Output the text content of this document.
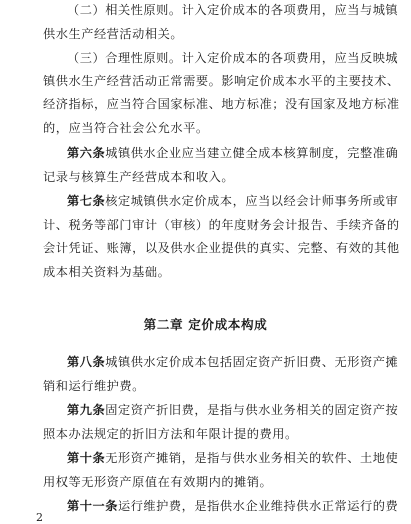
（二）相关性原则。计入定价成本的各项费用，应当与城镇
供水生产经营活动相关。
（三）合理性原则。计入定价成本的各项费用，应当反映城
镇供水生产经营活动正常需要。影响定价成本水平的主要技术、
经济指标，应当符合国家标准、地方标准；没有国家及地方标准
的，应当符合社会公允水平。
第六条城镇供水企业应当建立健全成本核算制度，完整准确
记录与核算生产经营成本和收入。
第七条核定城镇供水定价成本，应当以经会计师事务所或审
计、税务等部门审计（审核）的年度财务会计报告、手续齐备的
会计凭证、账簿，以及供水企业提供的真实、完整、有效的其他
成本相关资料为基础。
第二章 定价成本构成
第八条城镇供水定价成本包括固定资产折旧费、无形资产摊
销和运行维护费。
第九条固定资产折旧费，是指与供水业务相关的固定资产按
照本办法规定的折旧方法和年限计提的费用。
第十条无形资产摊销，是指与供水业务相关的软件、土地使
用权等无形资产原值在有效期内的摊销。
第十一条运行维护费，是指供水企业维持供水正常运行的费
2
